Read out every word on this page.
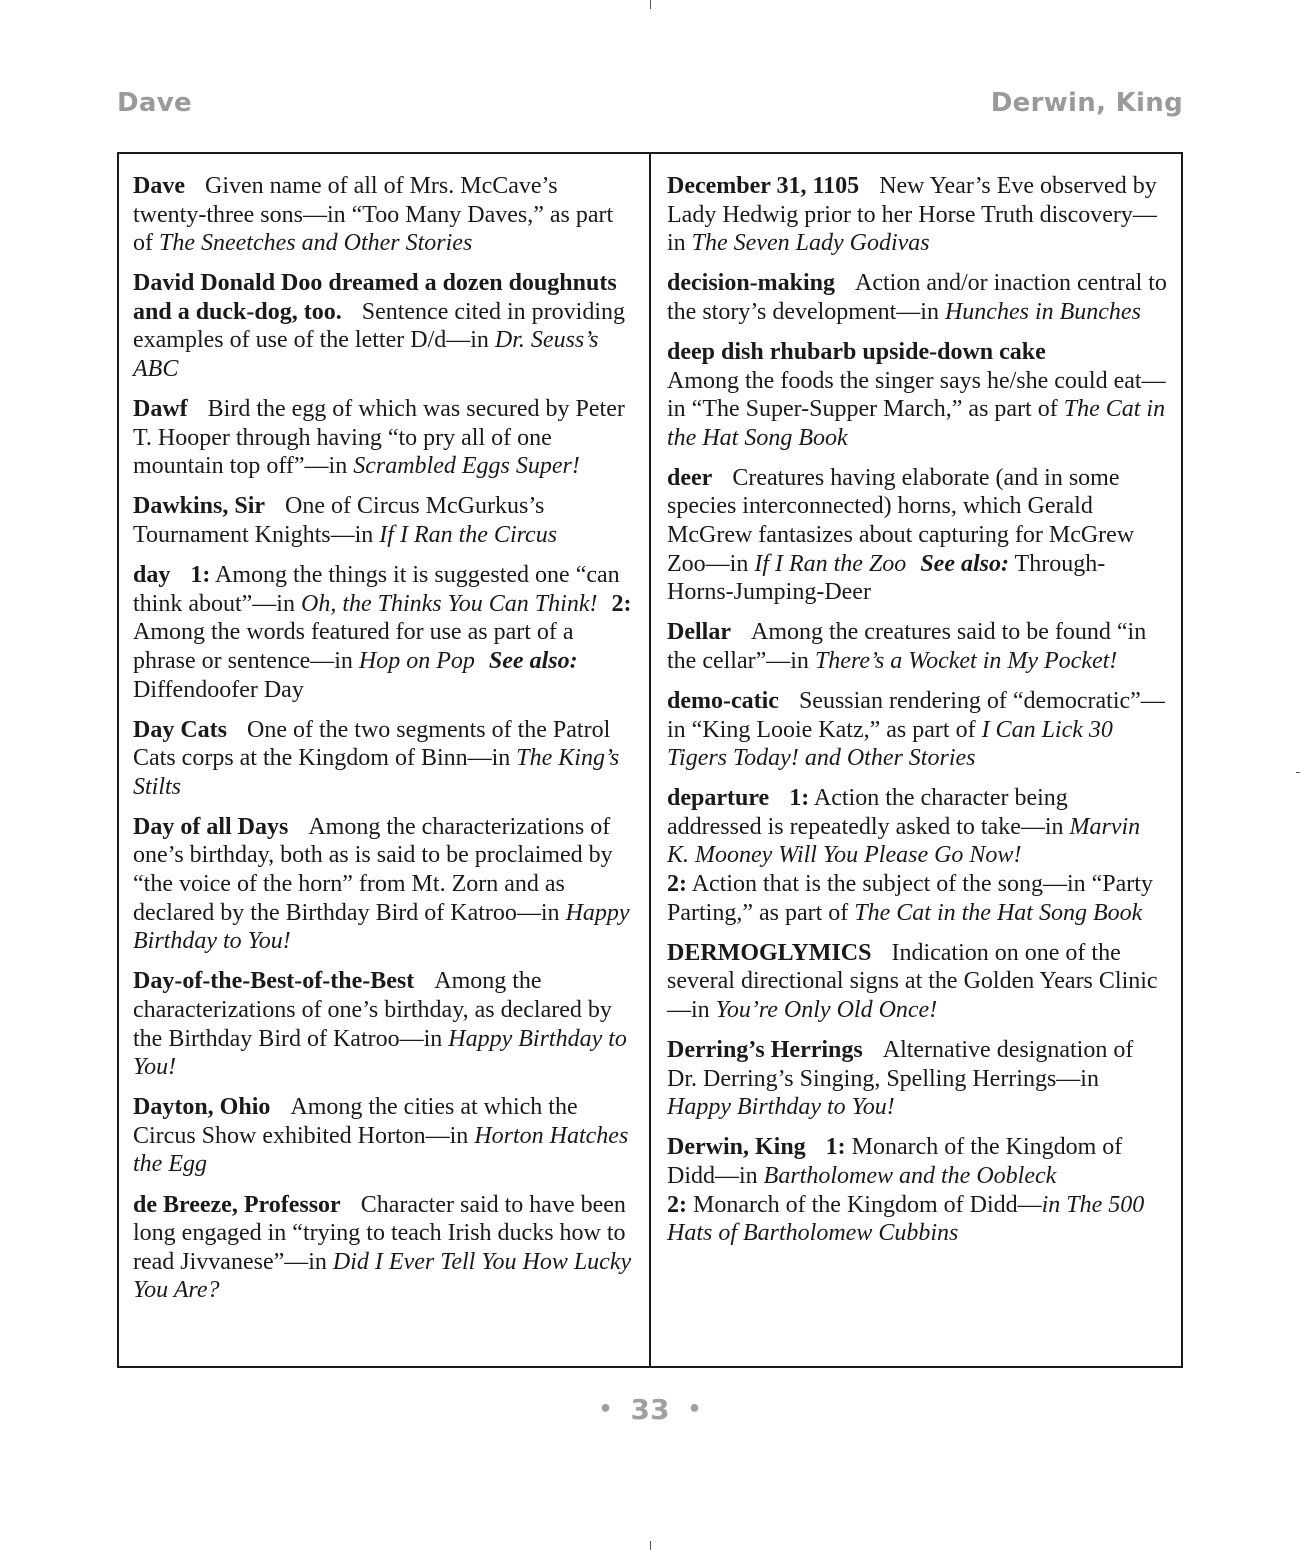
Dave	Derwin, King

Dave Given name of all of Mrs. McCave’s twenty-three sons—in “Too Many Daves,” as part of The Sneetches and Other Stories

David Donald Doo dreamed a dozen doughnuts and a duck-dog, too. Sentence cited in providing examples of use of the letter D/d—in Dr. Seuss’s ABC

Dawf Bird the egg of which was secured by Peter T. Hooper through having “to pry all of one mountain top off”—in Scrambled Eggs Super!

Dawkins, Sir One of Circus McGurkus’s Tournament Knights—in If I Ran the Circus

day 1: Among the things it is suggested one “can think about”—in Oh, the Thinks You Can Think! 2: Among the words featured for use as part of a phrase or sentence—in Hop on Pop See also: Diffendoofer Day

Day Cats One of the two segments of the Patrol Cats corps at the Kingdom of Binn—in The King’s Stilts

Day of all Days Among the characterizations of one’s birthday, both as is said to be proclaimed by “the voice of the horn” from Mt. Zorn and as declared by the Birthday Bird of Katroo—in Happy Birthday to You!

Day-of-the-Best-of-the-Best Among the characterizations of one’s birthday, as declared by the Birthday Bird of Katroo—in Happy Birthday to You!

Dayton, Ohio Among the cities at which the Circus Show exhibited Horton—in Horton Hatches the Egg

de Breeze, Professor Character said to have been long engaged in “trying to teach Irish ducks how to read Jivvanese”—in Did I Ever Tell You How Lucky You Are?

December 31, 1105 New Year’s Eve observed by Lady Hedwig prior to her Horse Truth discovery—in The Seven Lady Godivas

decision-making Action and/or inaction central to the story’s development—in Hunches in Bunches

deep dish rhubarb upside-down cake
Among the foods the singer says he/she could eat—in “The Super-Supper March,” as part of The Cat in the Hat Song Book

deer Creatures having elaborate (and in some species interconnected) horns, which Gerald McGrew fantasizes about capturing for McGrew Zoo—in If I Ran the Zoo See also: Through-Horns-Jumping-Deer

Dellar Among the creatures said to be found “in the cellar”—in There’s a Wocket in My Pocket!

demo-catic Seussian rendering of “democratic”—in “King Looie Katz,” as part of I Can Lick 30 Tigers Today! and Other Stories

departure 1: Action the character being addressed is repeatedly asked to take—in Marvin K. Mooney Will You Please Go Now!
2: Action that is the subject of the song—in “Party Parting,” as part of The Cat in the Hat Song Book

DERMOGLYMICS Indication on one of the several directional signs at the Golden Years Clinic—in You’re Only Old Once!

Derring’s Herrings Alternative designation of Dr. Derring’s Singing, Spelling Herrings—in Happy Birthday to You!

Derwin, King 1: Monarch of the Kingdom of Didd—in Bartholomew and the Oobleck
2: Monarch of the Kingdom of Didd—in The 500 Hats of Bartholomew Cubbins

• 33 •
